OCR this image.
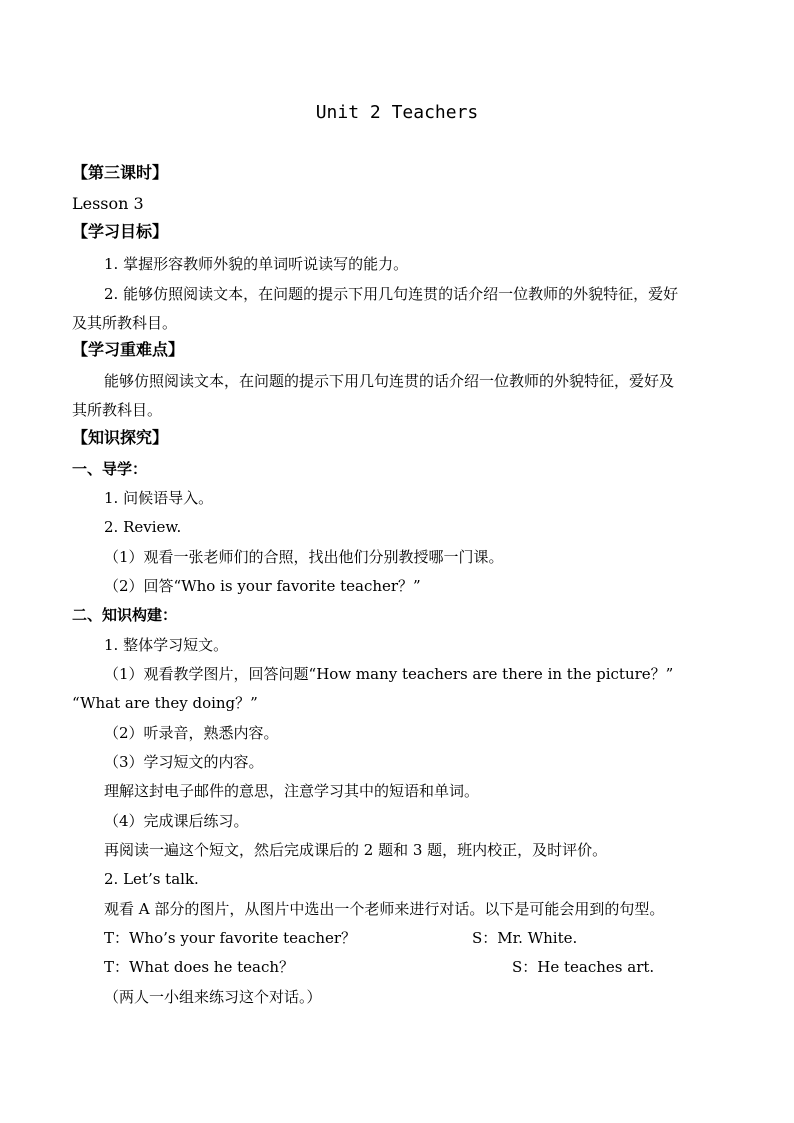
Unit 2 Teachers
【第三课时】
Lesson 3
【学习目标】
1. 掌握形容教师外貌的单词听说读写的能力。
2. 能够仿照阅读文本，在问题的提示下用几句连贯的话介绍一位教师的外貌特征，爱好
及其所教科目。
【学习重难点】
能够仿照阅读文本，在问题的提示下用几句连贯的话介绍一位教师的外貌特征，爱好及
其所教科目。
【知识探究】
一、导学：
1. 问候语导入。
2. Review.
（1）观看一张老师们的合照，找出他们分别教授哪一门课。
（2）回答“Who is your favorite teacher？”
二、知识构建：
1. 整体学习短文。
（1）观看教学图片，回答问题“How many teachers are there in the picture？”
“What are they doing？”
（2）听录音，熟悉内容。
（3）学习短文的内容。
理解这封电子邮件的意思，注意学习其中的短语和单词。
（4）完成课后练习。
再阅读一遍这个短文，然后完成课后的 2 题和 3 题，班内校正，及时评价。
2. Let’s talk.
观看 A 部分的图片，从图片中选出一个老师来进行对话。以下是可能会用到的句型。
T：Who’s your favorite teacher？	S：Mr. White.
T：What does he teach？	S：He teaches art.
（两人一小组来练习这个对话。）
